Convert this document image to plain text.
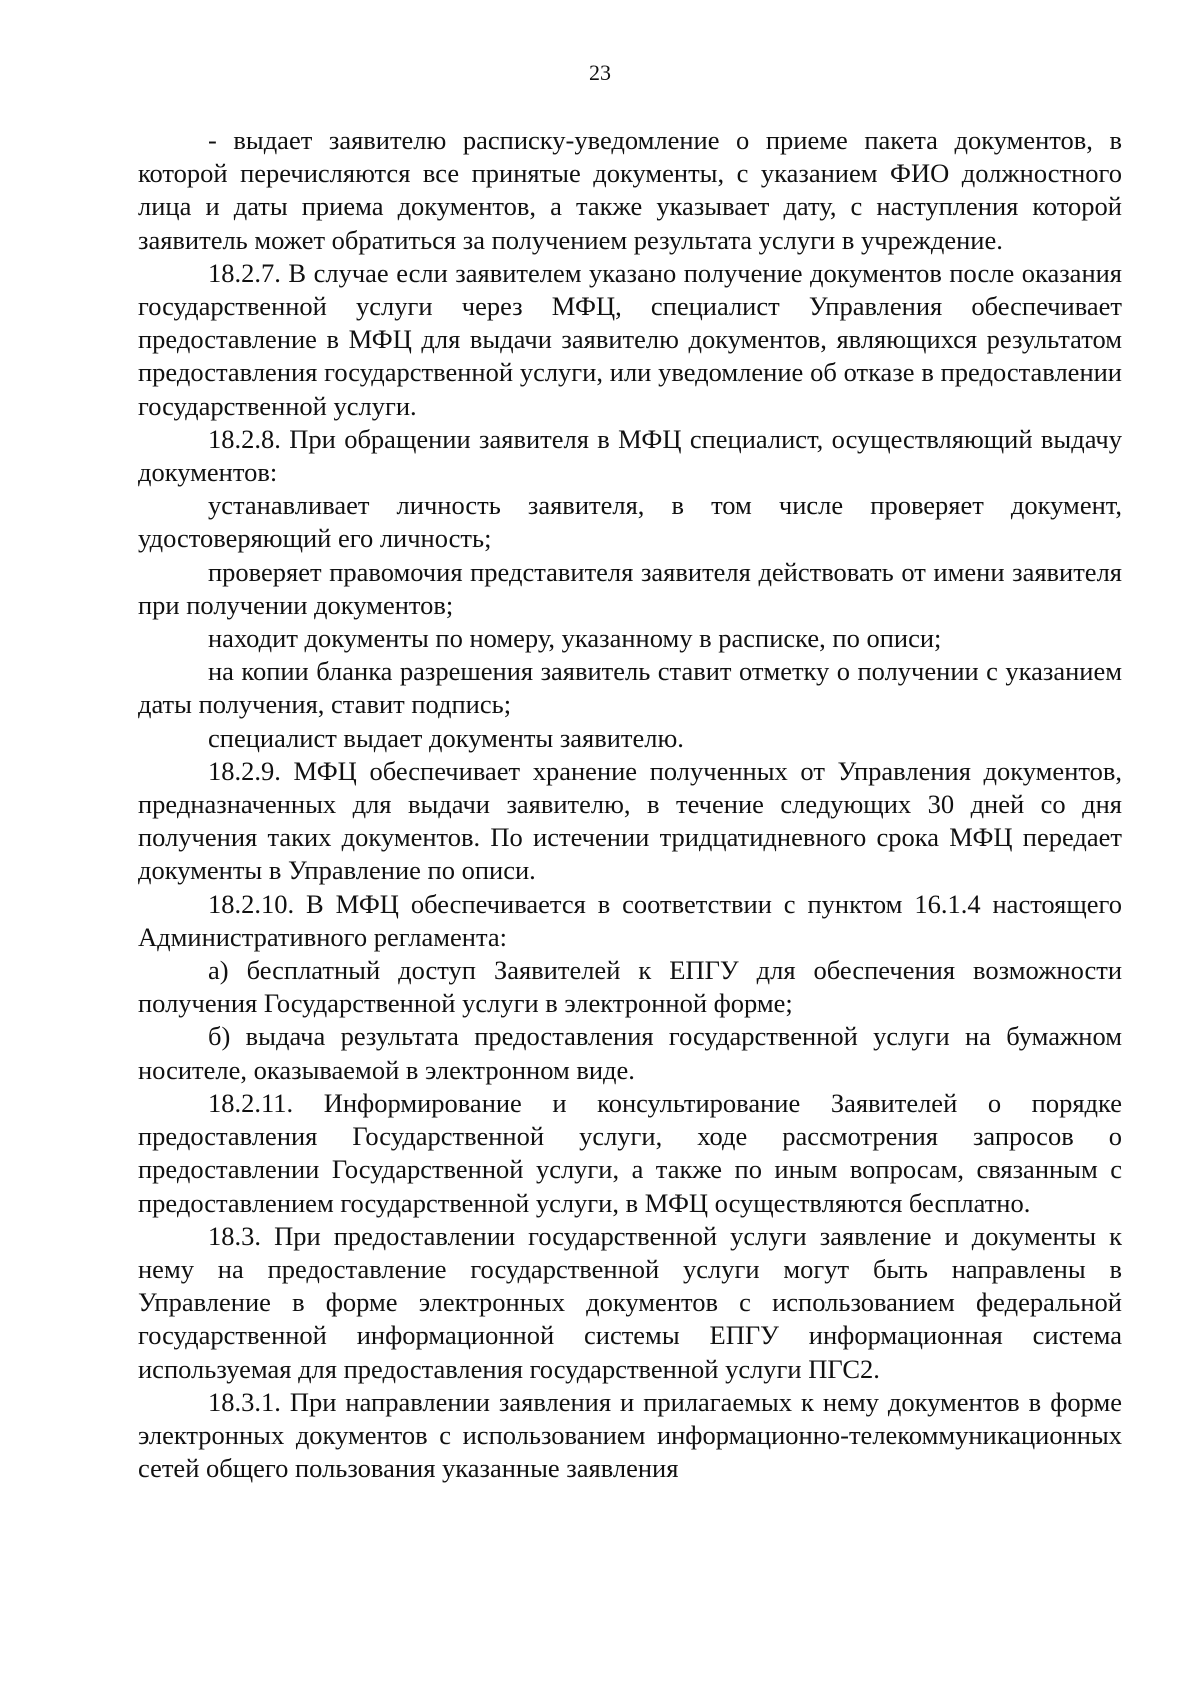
23

- выдает заявителю расписку-уведомление о приеме пакета документов, в которой перечисляются все принятые документы, с указанием ФИО должностного лица и даты приема документов, а также указывает дату, с наступления которой заявитель может обратиться за получением результата услуги в учреждение.

18.2.7. В случае если заявителем указано получение документов после оказания государственной услуги через МФЦ, специалист Управления обеспечивает предоставление в МФЦ для выдачи заявителю документов, являющихся результатом предоставления государственной услуги, или уведомление об отказе в предоставлении государственной услуги.

18.2.8. При обращении заявителя в МФЦ специалист, осуществляющий выдачу документов:

устанавливает личность заявителя, в том числе проверяет документ, удостоверяющий его личность;

проверяет правомочия представителя заявителя действовать от имени заявителя при получении документов;

находит документы по номеру, указанному в расписке, по описи;

на копии бланка разрешения заявитель ставит отметку о получении с указанием даты получения, ставит подпись;

специалист выдает документы заявителю.

18.2.9. МФЦ обеспечивает хранение полученных от Управления документов, предназначенных для выдачи заявителю, в течение следующих 30 дней со дня получения таких документов. По истечении тридцатидневного срока МФЦ передает документы в Управление по описи.

18.2.10. В МФЦ обеспечивается в соответствии с пунктом 16.1.4 настоящего Административного регламента:

а) бесплатный доступ Заявителей к ЕПГУ для обеспечения возможности получения Государственной услуги в электронной форме;

б) выдача результата предоставления государственной услуги на бумажном носителе, оказываемой в электронном виде.

18.2.11. Информирование и консультирование Заявителей о порядке предоставления Государственной услуги, ходе рассмотрения запросов о предоставлении Государственной услуги, а также по иным вопросам, связанным с предоставлением государственной услуги, в МФЦ осуществляются бесплатно.

18.3. При предоставлении государственной услуги заявление и документы к нему на предоставление государственной услуги могут быть направлены в Управление в форме электронных документов с использованием федеральной государственной информационной системы ЕПГУ информационная система используемая для предоставления государственной услуги ПГС2.

18.3.1. При направлении заявления и прилагаемых к нему документов в форме электронных документов с использованием информационно-телекоммуникационных сетей общего пользования указанные заявления
